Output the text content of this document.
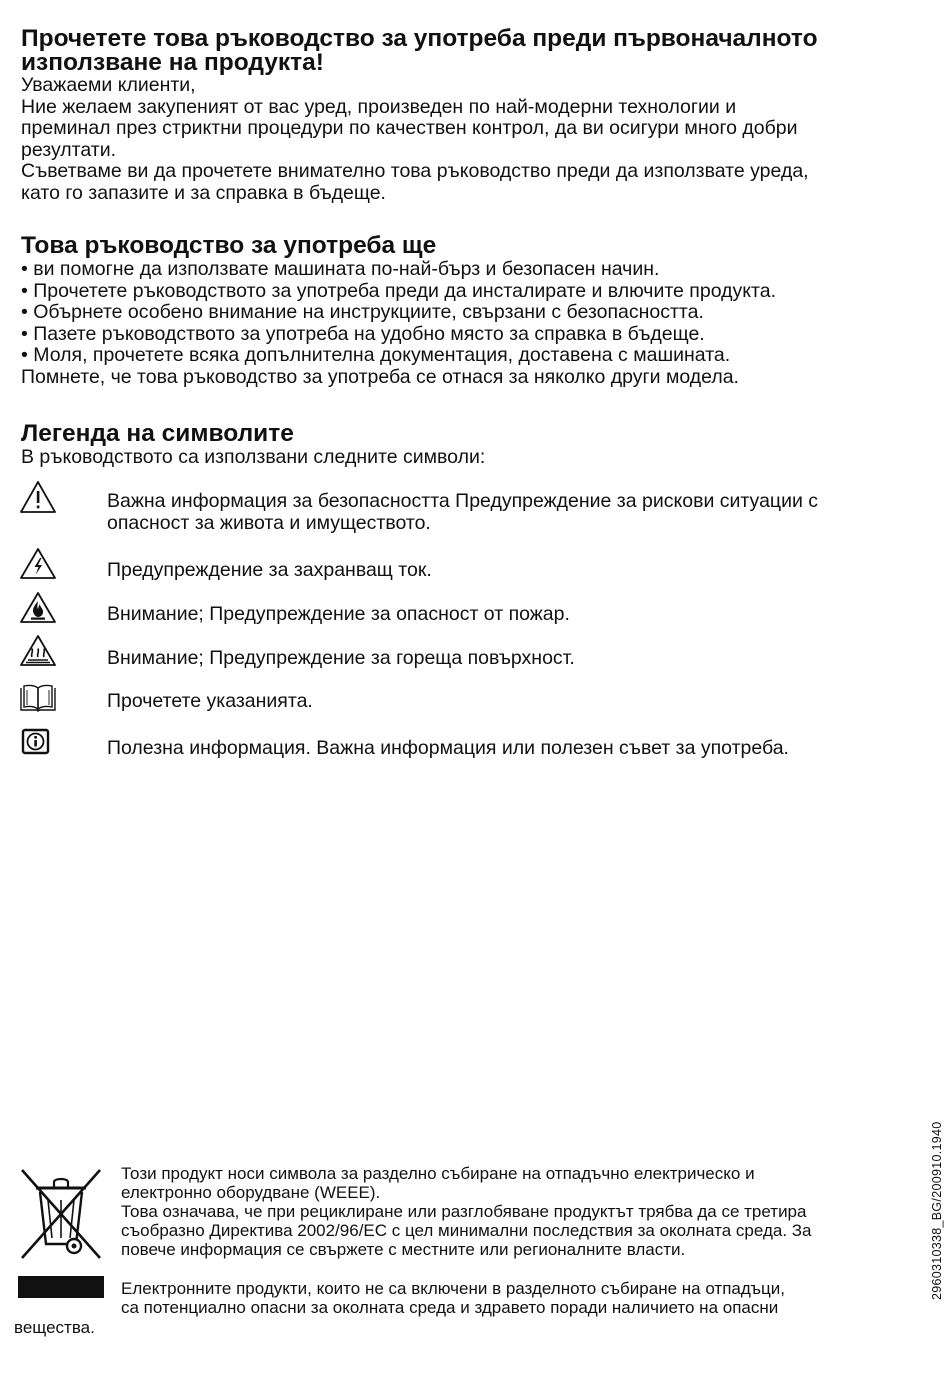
Прочетете това ръководство за употреба преди първоначалното
използване на продукта!
Уважаеми клиенти,
Ние желаем закупеният от вас уред, произведен по най-модерни технологии и
преминал през стриктни процедури по качествен контрол, да ви осигури много добри
резултати.
Съветваме ви да прочетете внимателно това ръководство преди да използвате уреда,
като го запазите и за справка в бъдеще.
Това ръководство за употреба ще
• ви помогне да използвате машината по-най-бърз и безопасен начин.
• Прочетете ръководството за употреба преди да инсталирате и влючите продукта.
• Обърнете особено внимание на инструкциите, свързани с безопасността.
• Пазете ръководството за употреба на удобно място за справка в бъдеще.
• Моля, прочетете всяка допълнителна документация, доставена с машината.
Помнете, че това ръководство за употреба се отнася за няколко други модела.
Легенда на символите
В ръководството са използвани следните символи:
Важна информация за безопасността Предупреждение за рискови ситуации с
опасност за живота и имуществото.
Предупреждение за захранващ ток.
Внимание; Предупреждение за опасност от пожар.
Внимание; Предупреждение за гореща повърхност.
Прочетете указанията.
Полезна информация. Важна информация или полезен съвет за употреба.
Този продукт носи символа за разделно събиране на отпадъчно електрическо и
електронно оборудване (WEEE).
Това означава, че при рециклиране или разглобяване продуктът трябва да се третира
съобразно Директива 2002/96/EC с цел минимални последствия за околната среда. За
повече информация се свържете с местните или регионалните власти.
Електронните продукти, които не са включени в разделното събиране на отпадъци,
са потенциално опасни за околната среда и здравето поради наличието на опасни
вещества.
2960310338_BG/200910.1940
